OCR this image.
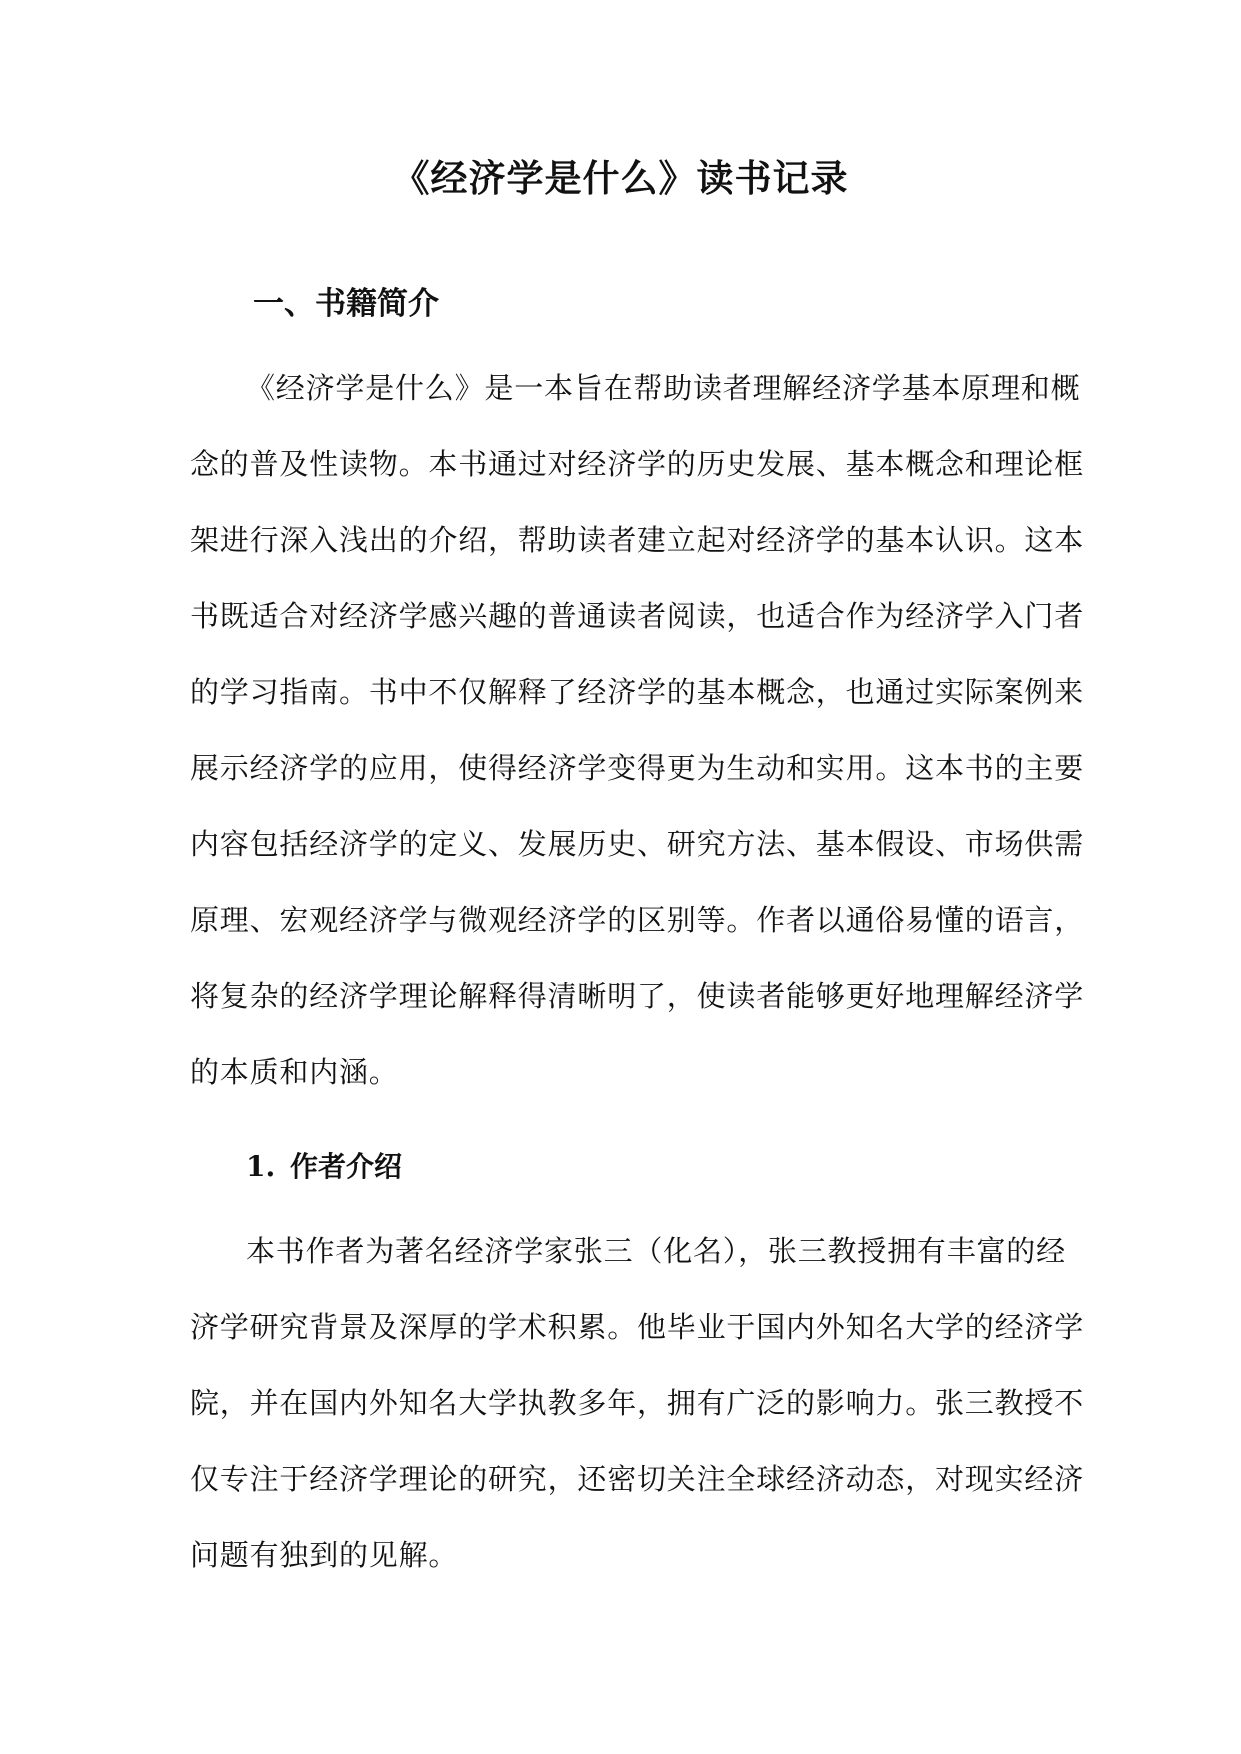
《经济学是什么》读书记录
一、书籍简介
《经济学是什么》是一本旨在帮助读者理解经济学基本原理和概
念的普及性读物。本书通过对经济学的历史发展、基本概念和理论框
架进行深入浅出的介绍，帮助读者建立起对经济学的基本认识。这本
书既适合对经济学感兴趣的普通读者阅读，也适合作为经济学入门者
的学习指南。书中不仅解释了经济学的基本概念，也通过实际案例来
展示经济学的应用，使得经济学变得更为生动和实用。这本书的主要
内容包括经济学的定义、发展历史、研究方法、基本假设、市场供需
原理、宏观经济学与微观经济学的区别等。作者以通俗易懂的语言，
将复杂的经济学理论解释得清晰明了，使读者能够更好地理解经济学
的本质和内涵。
1. 作者介绍
本书作者为著名经济学家张三（化名），张三教授拥有丰富的经
济学研究背景及深厚的学术积累。他毕业于国内外知名大学的经济学
院，并在国内外知名大学执教多年，拥有广泛的影响力。张三教授不
仅专注于经济学理论的研究，还密切关注全球经济动态，对现实经济
问题有独到的见解。
